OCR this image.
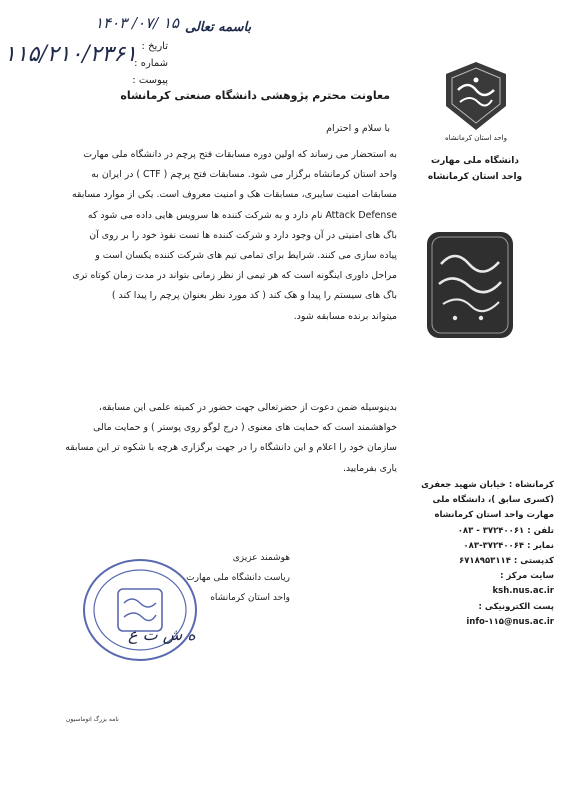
۱۴۰۳ /۰۷/ ۱۵
۱۱۵/۲۱۰/۲۳۶۱
باسمه تعالی
تاریخ :
شماره :
پیوست :
واحد استان کرمانشاه
دانشگاه ملی مهارت
واحد استان کرمانشاه
کرمانشاه : خیابان شهید جعفری
(کسری سابق )، دانشگاه ملی
مهارت واحد استان کرمانشاه
تلفن : ۳۷۲۴۰۰۶۱ - ۰۸۳
نمابر : ۳۷۲۴۰۰۶۴-۰۸۳
کدپستی : ۶۷۱۸۹۵۳۱۱۴
سایت مرکز :
ksh.nus.ac.ir
پست الکترونیکی :
info-۱۱۵@nus.ac.ir
معاونت محترم پژوهشی دانشگاه صنعتی کرمانشاه
با سلام و احترام
به استحضار می رساند که اولین دوره مسابقات فتح پرچم در دانشگاه ملی مهارت
واحد استان کرمانشاه برگزار می شود. مسابقات فتح پرچم ( CTF ) در ایران به
مسابقات امنیت سایبری، مسابقات هک و امنیت معروف است. یکی از موارد مسابقه
Attack Defense نام دارد و به شرکت کننده ها سرویس هایی داده می شود که
باگ های امنیتی در آن وجود دارد و شرکت کننده ها تست نفوذ خود را بر روی آن
پیاده سازی می کنند. شرایط برای تمامی تیم های شرکت کننده یکسان است و
مراحل داوری اینگونه است که هر تیمی از نظر زمانی بتواند در مدت زمان کوتاه تری
باگ های سیستم را پیدا و هک کند ( کد مورد نظر بعنوان پرچم را پیدا کند )
میتواند برنده مسابقه شود.
بدینوسیله ضمن دعوت از حضرتعالی جهت حضور در کمیته علمی این مسابقه،
خواهشمند است که حمایت های معنوی ( درج لوگو روی پوستر ) و حمایت مالی
سازمان خود را اعلام و این دانشگاه را در جهت برگزاری هرچه با شکوه تر این مسابقه
یاری بفرمایید.
هوشمند عزیزی
ریاست دانشگاه ملی مهارت
واحد استان کرمانشاه
ه ش ت ع
نامه بزرگ اتوماسیون
